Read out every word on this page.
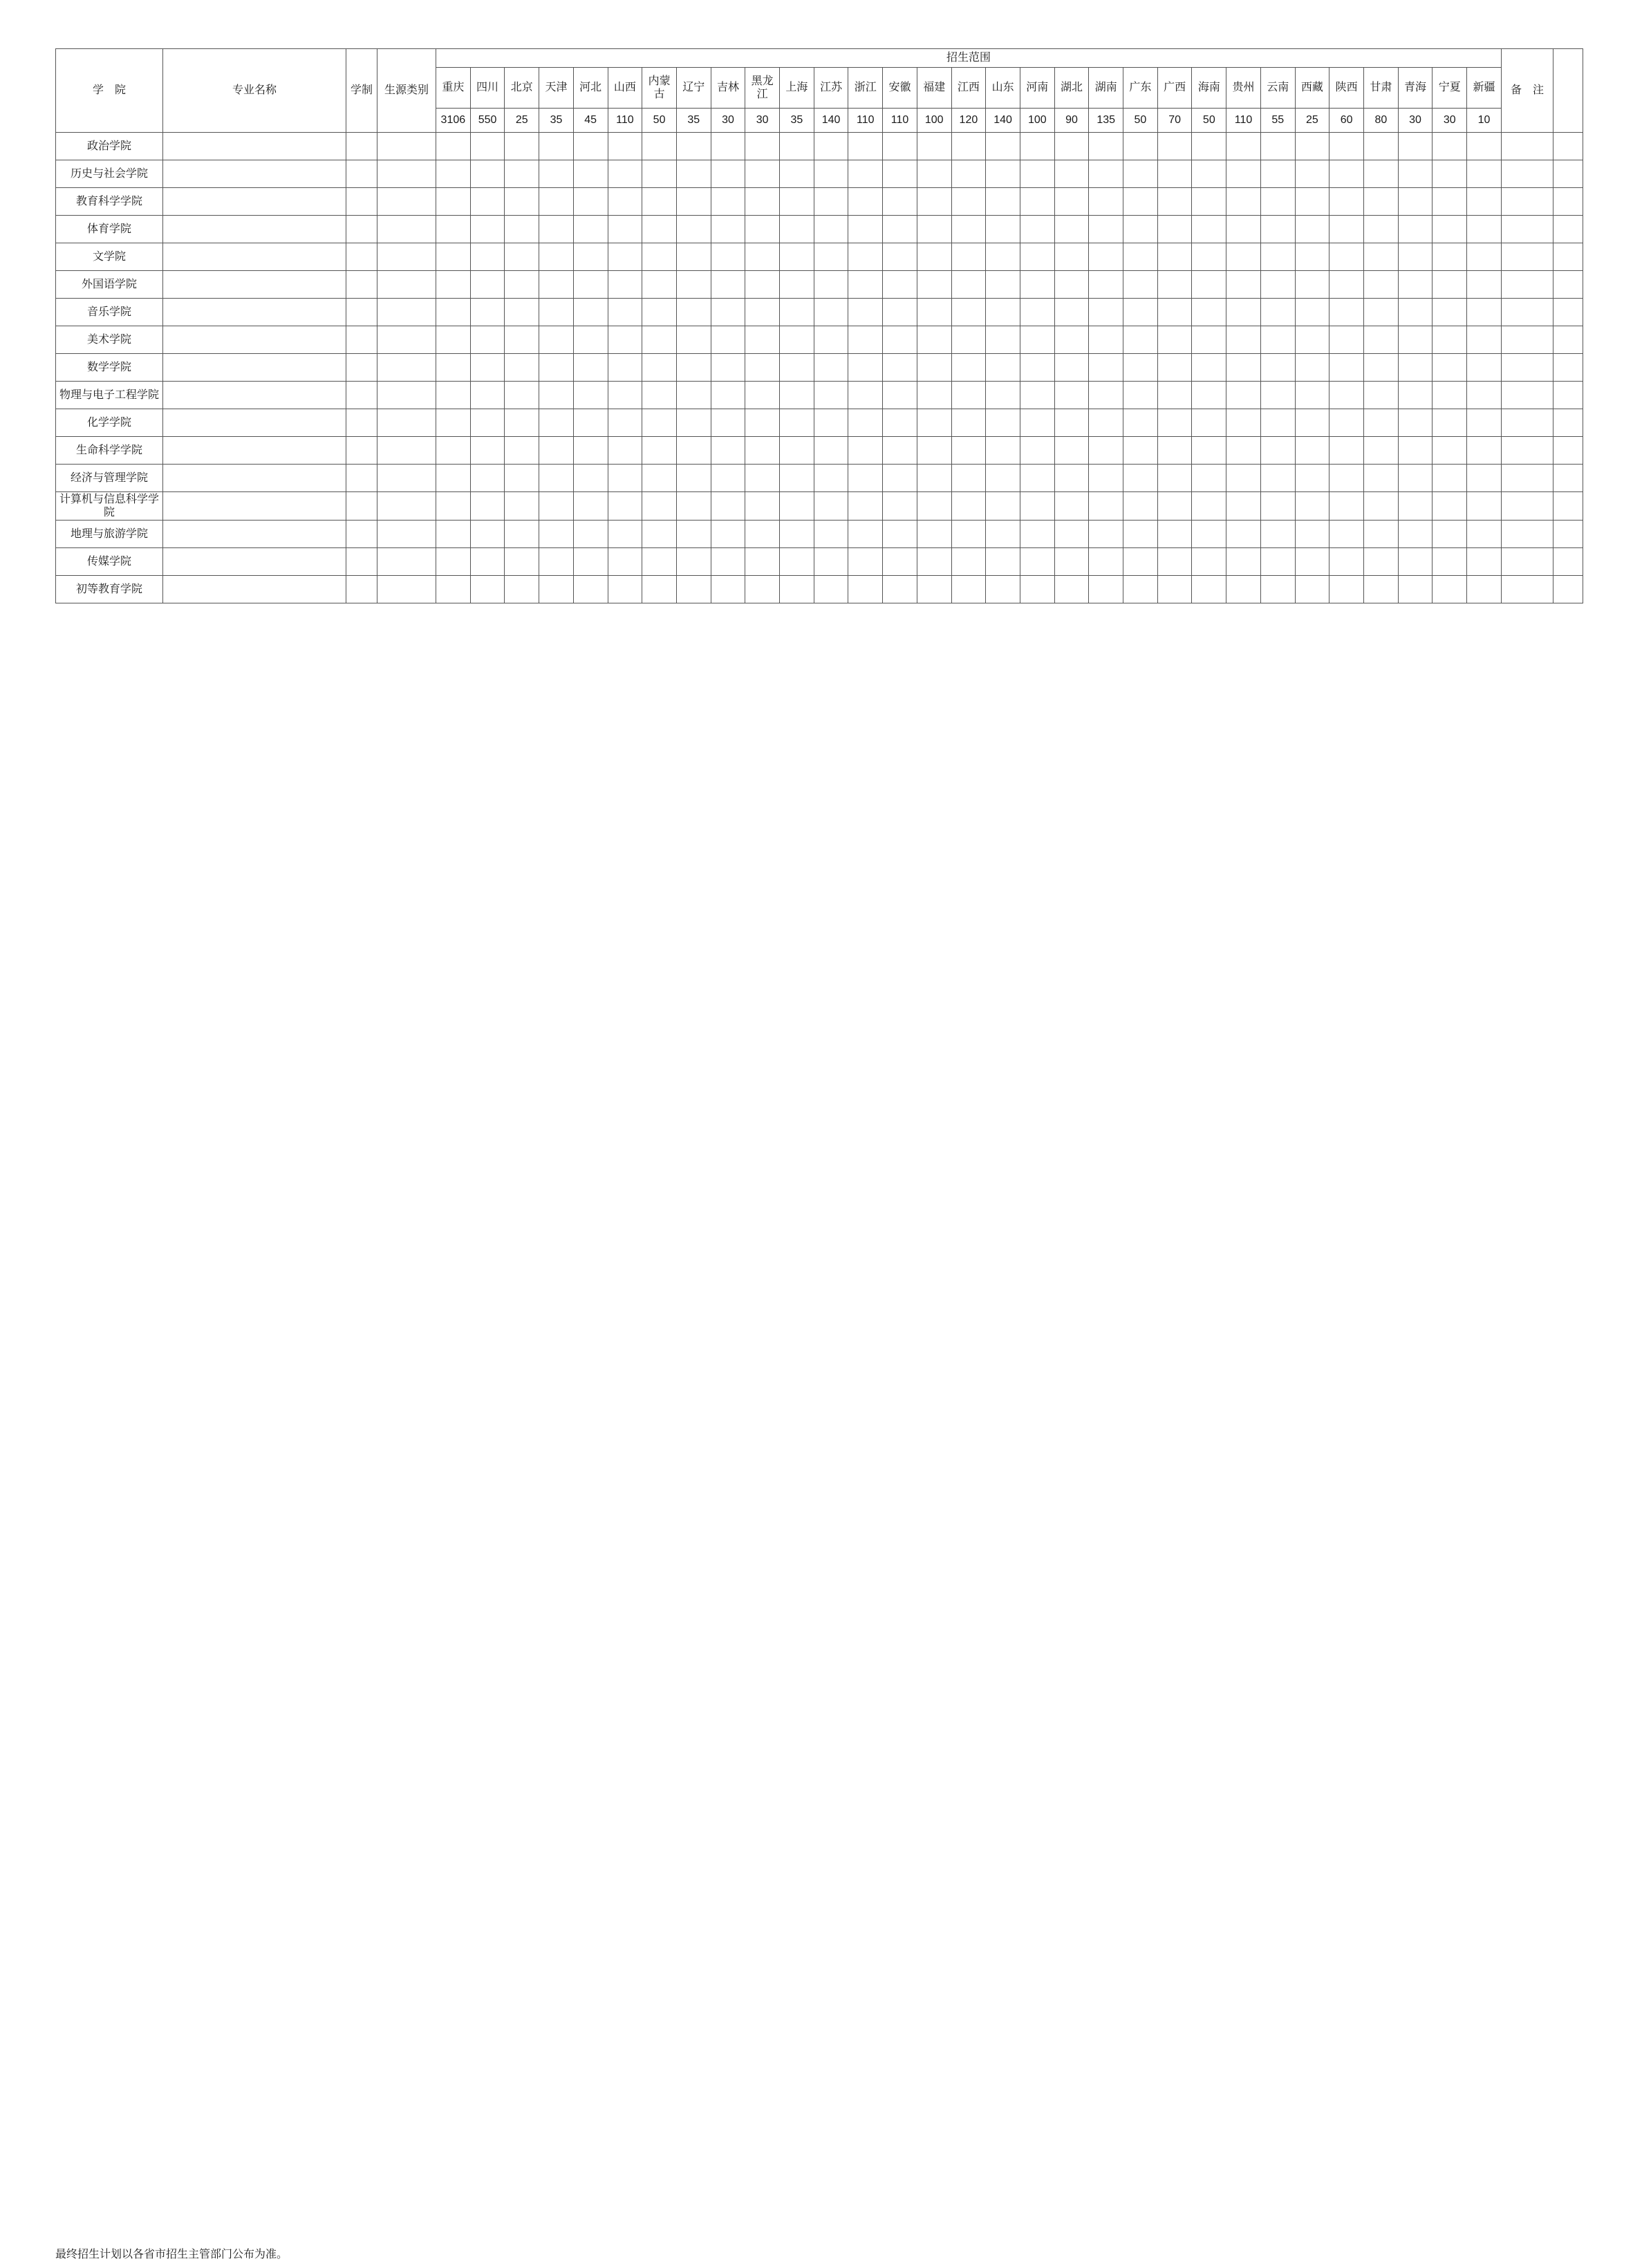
学　院	专业名称	学制	生源类别	招生范围																															备　注	
				重庆	四川	北京	天津	河北	山西	内蒙古	辽宁	吉林	黑龙江	上海	江苏	浙江	安徽	福建	江西	山东	河南	湖北	湖南	广东	广西	海南	贵州	云南	西藏	陕西	甘肃	青海	宁夏	新疆		
				3106	550	25	35	45	110	50	35	30	30	35	140	110	110	100	120	140	100	90	135	50	70	50	110	55	25	60	80	30	30	10		
政治学院																																				
历史与社会学院																																				
教育科学学院																																				
体育学院																																				
文学院																																				
外国语学院																																				
音乐学院																																				
美术学院																																				
数学学院																																				
物理与电子工程学院																																				
化学学院																																				
生命科学学院																																				
经济与管理学院																																				
计算机与信息科学学院																																				
地理与旅游学院																																				
传媒学院																																				
初等教育学院																																				
最终招生计划以各省市招生主管部门公布为准。
